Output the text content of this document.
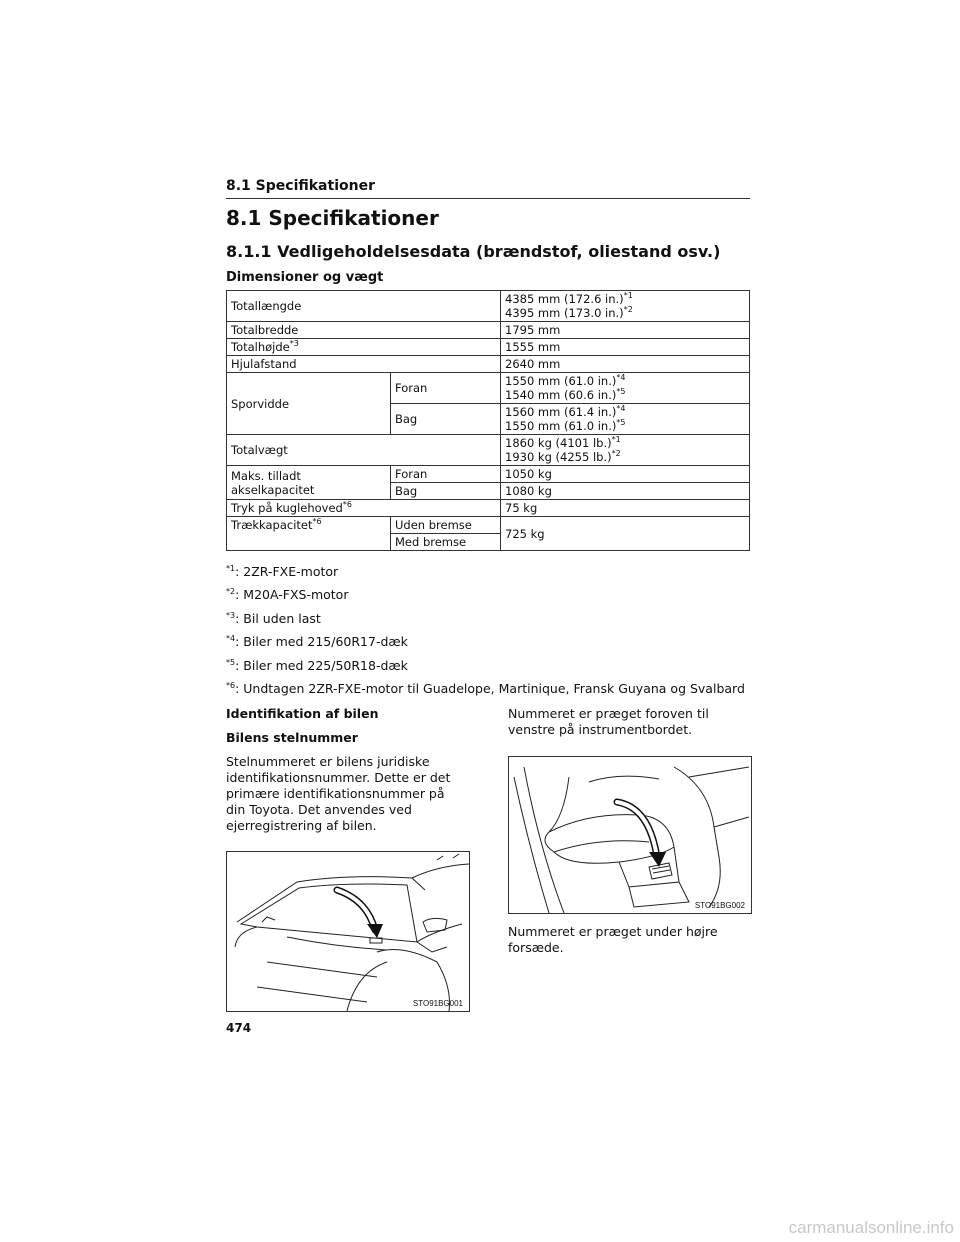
8.1 Specifikationer
8.1 Specifikationer
8.1.1 Vedligeholdelsesdata (brændstof, oliestand osv.)
Dimensioner og vægt
Totallængde		4385 mm (172.6 in.)$^{*1}$
4395 mm (173.0 in.)$^{*2}$

Totalbredde		1795 mm
Totalhøjde$^{*3}$		1555 mm
Hjulafstand		2640 mm
Sporvidde	Foran	1550 mm (61.0 in.)$^{*4}$
1540 mm (60.6 in.)$^{*5}$

	Bag	1560 mm (61.4 in.)$^{*4}$
1550 mm (61.0 in.)$^{*5}$

Totalvægt		1860 kg (4101 lb.)$^{*1}$
1930 kg (4255 lb.)$^{*2}$

Maks. tilladt akselkapacitet	Foran	1050 kg
	Bag	1080 kg
Tryk på kuglehoved$^{*6}$		75 kg
Trækkapacitet$^{*6}$	Uden bremse	725 kg
	Med bremse	
$^{*1}$: 2ZR-FXE-motor
$^{*2}$: M20A-FXS-motor
$^{*3}$: Bil uden last
$^{*4}$: Biler med 215/60R17-dæk
$^{*5}$: Biler med 225/50R18-dæk
$^{*6}$: Undtagen 2ZR-FXE-motor til Guadelope, Martinique, Fransk Guyana og Svalbard

Identifikation af bilen

Bilens stelnummer

Stelnummeret er bilens juridiske identifikationsnummer. Dette er det primære identifikationsnummer på din Toyota. Det anvendes ved ejerregistrering af bilen.

Nummeret er præget foroven til venstre på instrumentbordet.

STO91BG001
STO91BG002
Nummeret er præget under højre forsæde.
474
carmanualsonline.info
